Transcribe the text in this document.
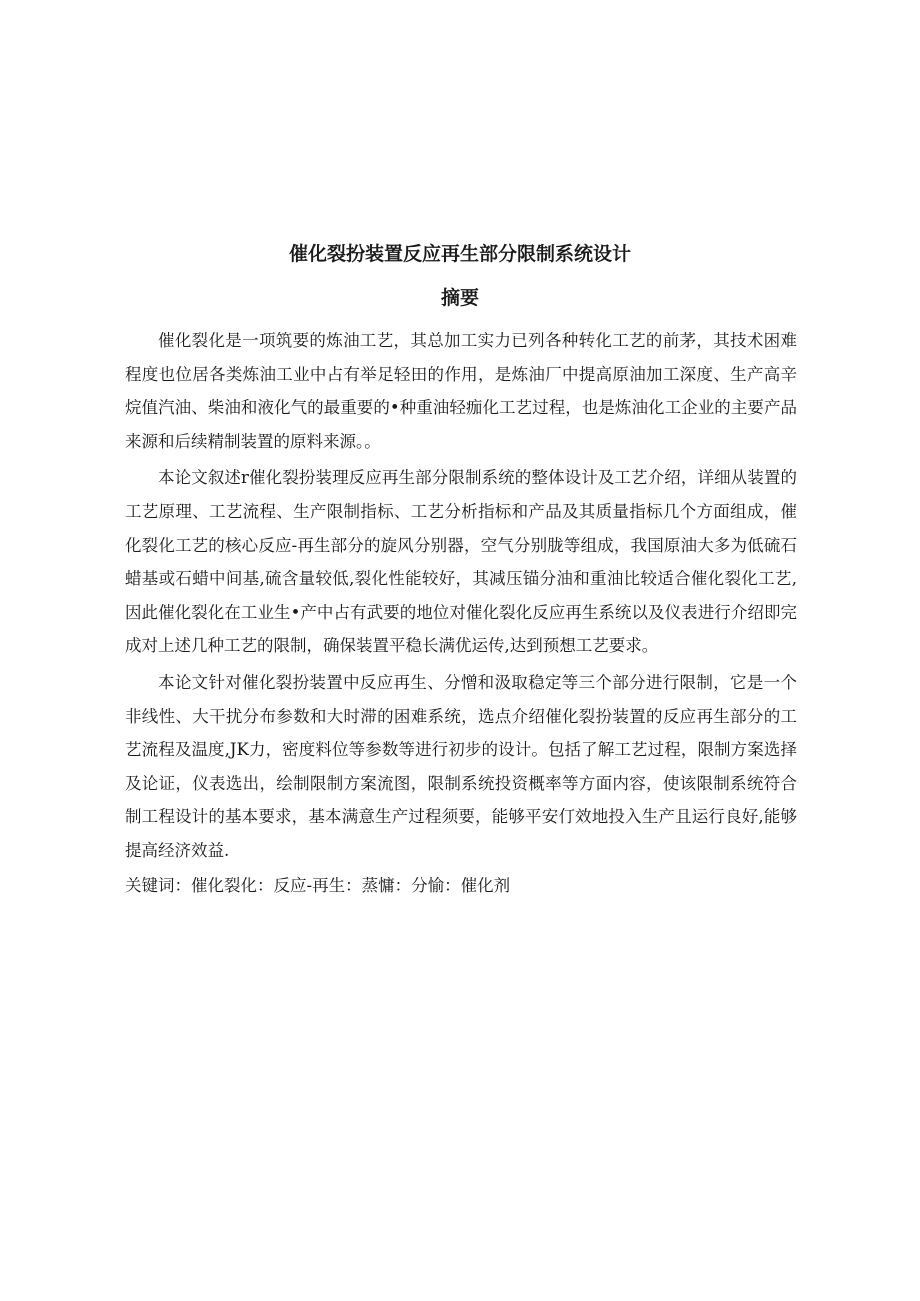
催化裂扮装置反应再生部分限制系统设计
摘要

催化裂化是一项筑要的炼油工艺，其总加工实力已列各种转化工艺的前茅，其技术困难程度也位居各类炼油工业中占有举足轻田的作用，是炼油厂中提高原油加工深度、生产高辛烷值汽油、柴油和液化气的最重要的•种重油轻痂化工艺过程，也是炼油化工企业的主要产品来源和后续精制装置的原料来源。。

本论文叙述r催化裂扮装理反应再生部分限制系统的整体设计及工艺介绍，详细从装置的工艺原理、工艺流程、生产限制指标、工艺分析指标和产品及其质量指标几个方面组成，催化裂化工艺的核心反应-再生部分的旋风分别器，空气分别胧等组成，我国原油大多为低硫石蜡基或石蜡中间基,硫含量较低,裂化性能较好，其减压锚分油和重油比较适合催化裂化工艺,因此催化裂化在工业生•产中占有武要的地位对催化裂化反应再生系统以及仪表进行介绍即完成对上述几种工艺的限制，确保装置平稳长满优运传,达到预想工艺要求。

本论文针对催化裂扮装置中反应再生、分憎和汲取稳定等三个部分进行限制，它是一个非线性、大干扰分布参数和大时滞的困难系统，选点介绍催化裂扮装置的反应再生部分的工艺流程及温度,JK力，密度料位等参数等进行初步的设计。包括了解工艺过程，限制方案选择及论证，仪表选出，绘制限制方案流图，限制系统投资概率等方面内容，使该限制系统符合制工程设计的基本要求，基本满意生产过程须要，能够平安仃效地投入生产且运行良好,能够提高经济效益.

关键词：催化裂化：反应-再生：蒸慵：分愉：催化剂
